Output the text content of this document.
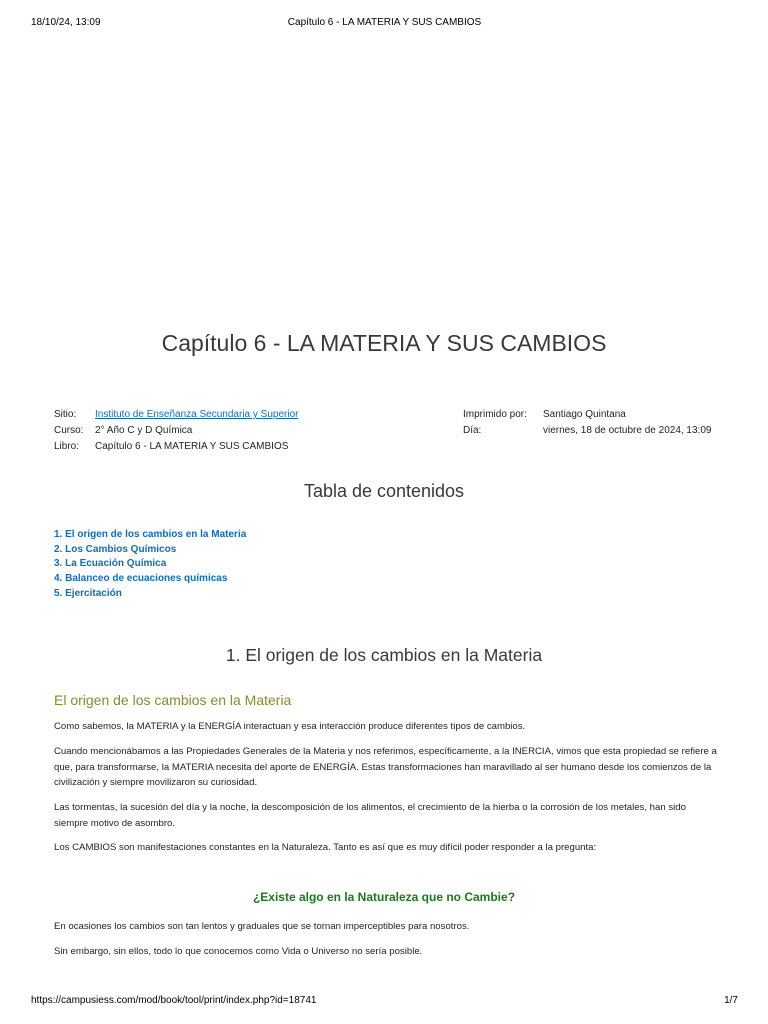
18/10/24, 13:09	Capítulo 6 - LA MATERIA Y SUS CAMBIOS
Capítulo 6 - LA MATERIA Y SUS CAMBIOS
Sitio: Instituto de Enseñanza Secundaria y Superior
Curso: 2° Año C y D Química
Libro: Capítulo 6 - LA MATERIA Y SUS CAMBIOS
Imprimido por: Santiago Quintana
Día:	viernes, 18 de octubre de 2024, 13:09
Tabla de contenidos
1. El origen de los cambios en la Materia
2. Los Cambios Químicos
3. La Ecuación Química
4. Balanceo de ecuaciones químicas
5. Ejercitación
1. El origen de los cambios en la Materia
El origen de los cambios en la Materia

Como sabemos, la MATERIA y la ENERGÍA interactuan y esa interacción produce diferentes tipos de cambios.

Cuando mencionábamos a las Propiedades Generales de la Materia y nos referimos, específicamente, a la INERCIA, vimos que esta propiedad se refiere a que, para transformarse, la MATERIA necesita del aporte de ENERGÍA. Estas transformaciones han maravillado al ser humano desde los comienzos de la civilización y siempre movilizaron su curiosidad.

Las tormentas, la sucesión del día y la noche, la descomposición de los alimentos, el crecimiento de la hierba o la corrosión de los metales, han sido siempre motivo de asombro.

Los CAMBIOS son manifestaciones constantes en la Naturaleza. Tanto es así que es muy difícil poder responder a la pregunta:

¿Existe algo en la Naturaleza que no Cambie?

En ocasiones los cambios son tan lentos y graduales que se tornan imperceptibles para nosotros.

Sin embargo, sin ellos, todo lo que conocemos como Vida o Universo no sería posible.

https://campusiess.com/mod/book/tool/print/index.php?id=18741	1/7
